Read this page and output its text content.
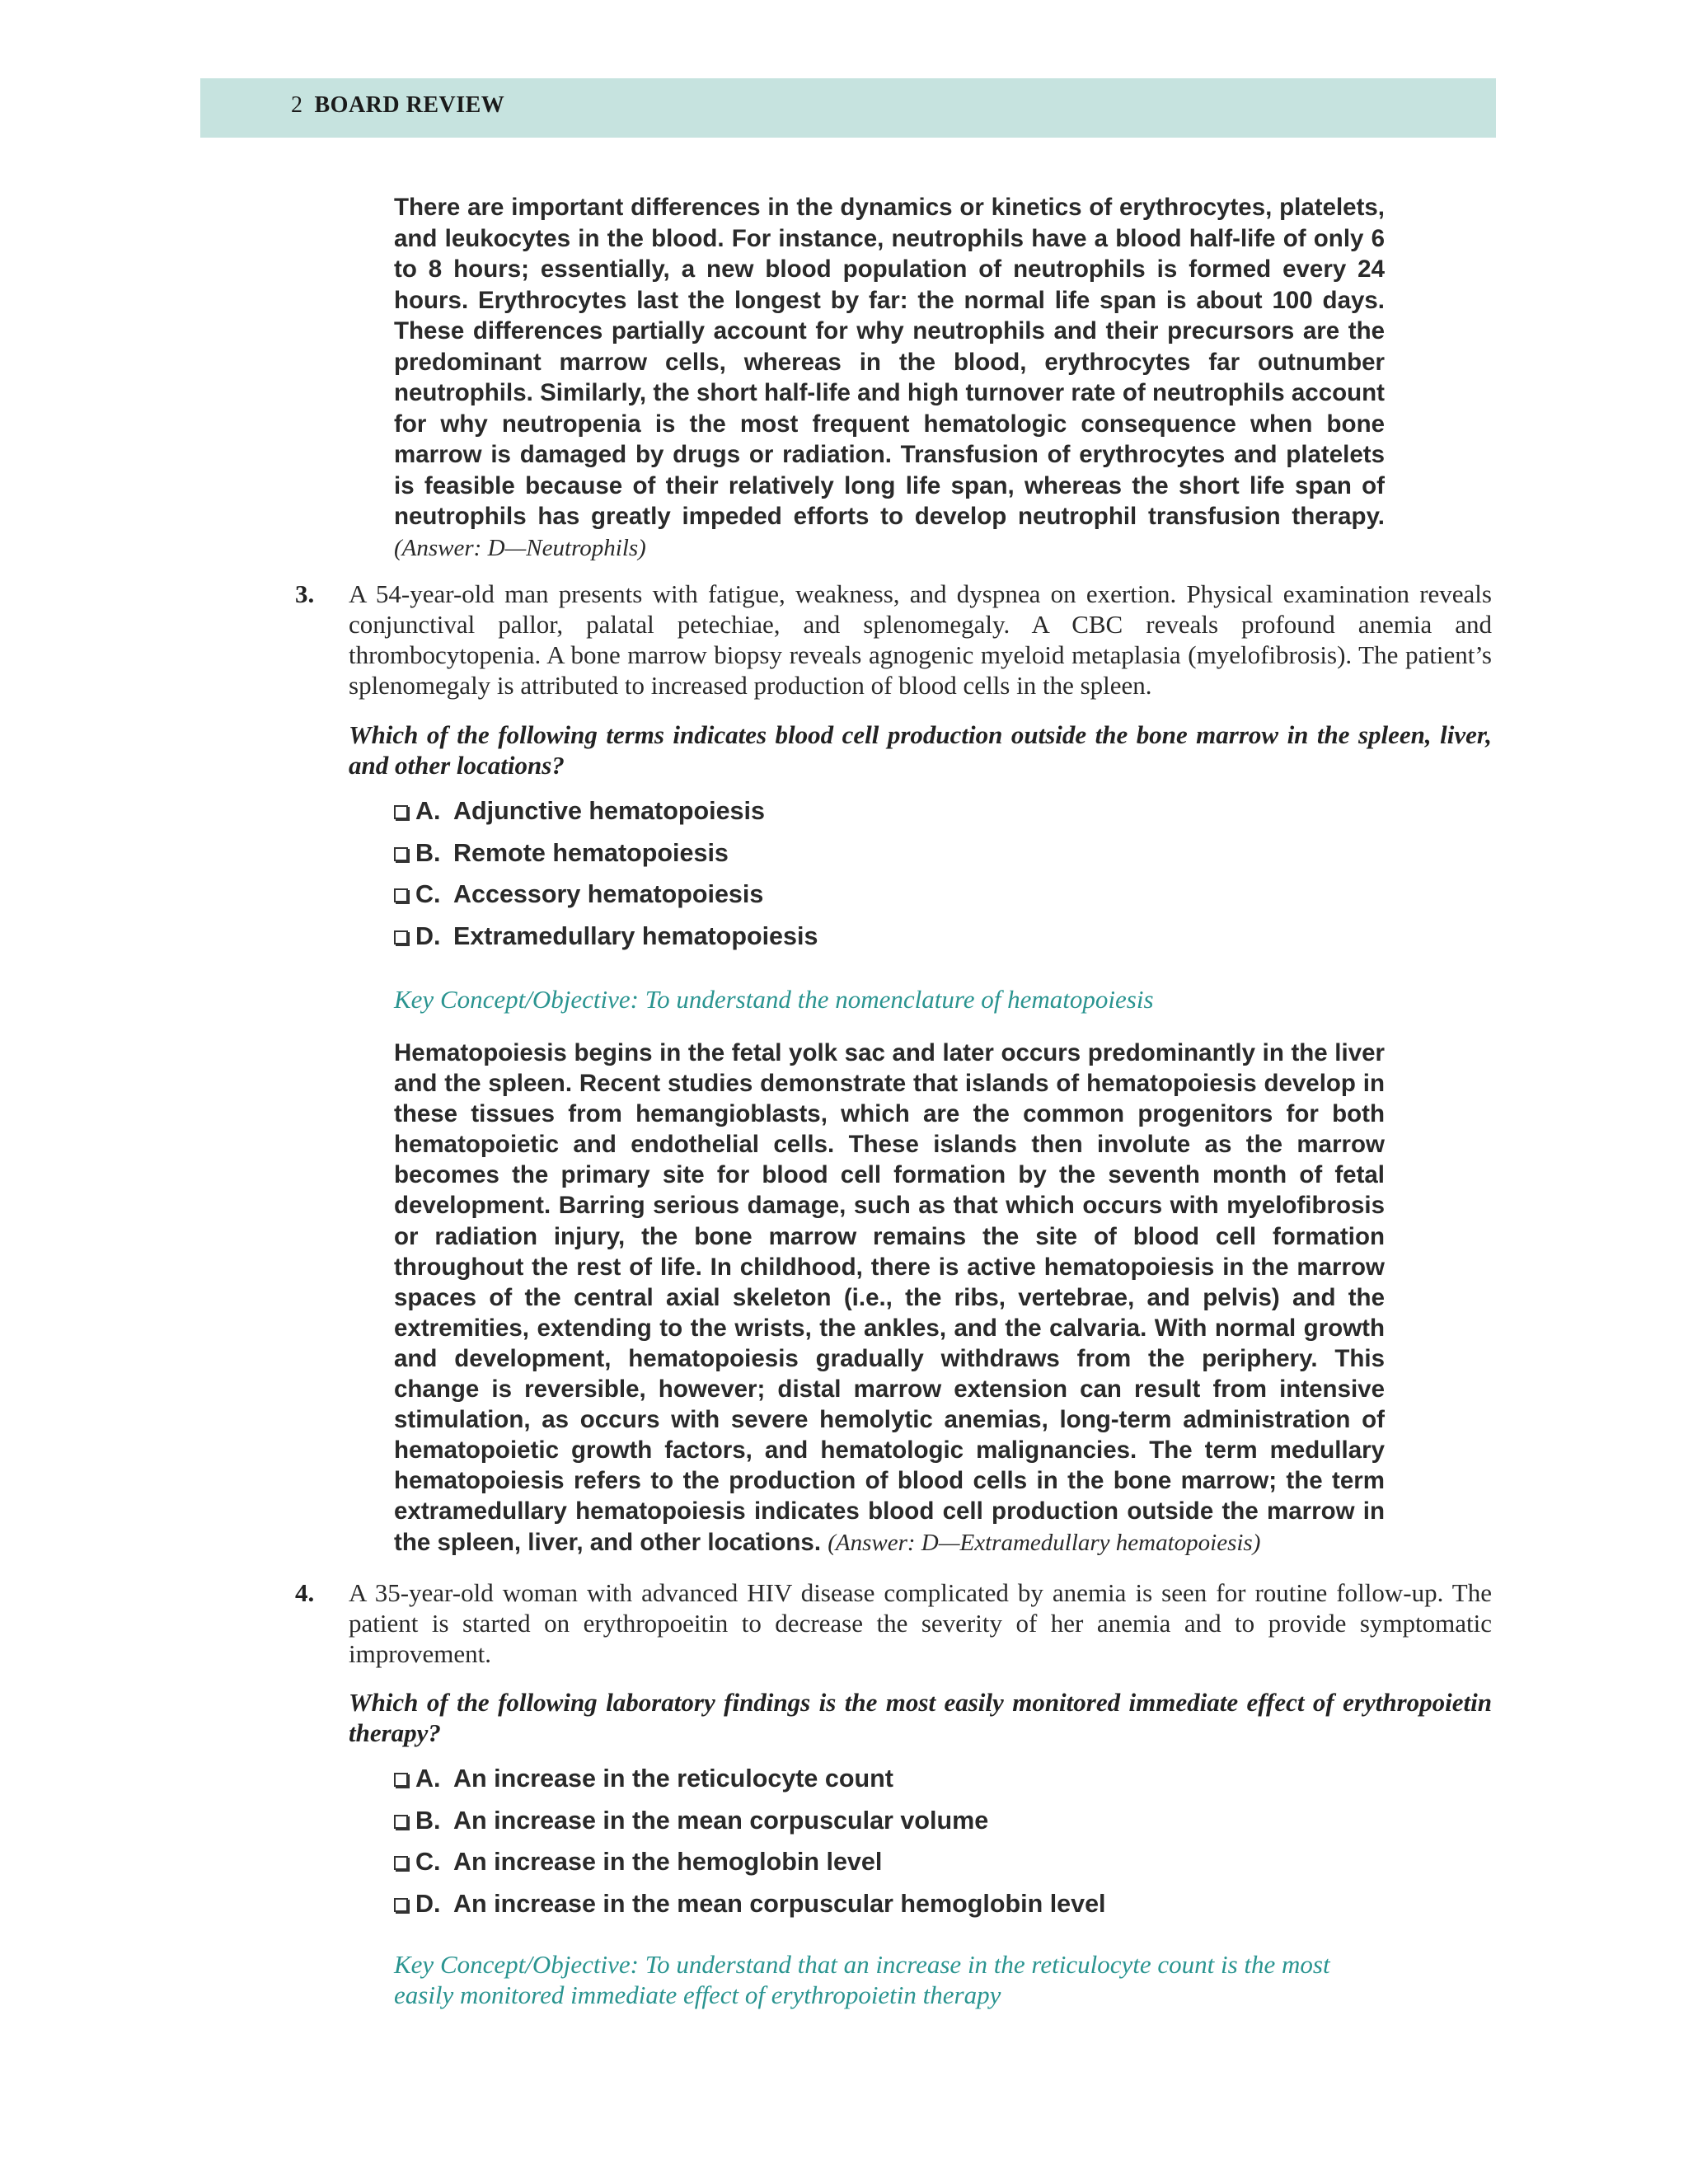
2 BOARD REVIEW
There are important differences in the dynamics or kinetics of erythrocytes, platelets, and leukocytes in the blood. For instance, neutrophils have a blood half-life of only 6 to 8 hours; essentially, a new blood population of neutrophils is formed every 24 hours. Erythrocytes last the longest by far: the normal life span is about 100 days. These differences partially account for why neutrophils and their precursors are the predominant marrow cells, whereas in the blood, erythrocytes far outnumber neutrophils. Similarly, the short half-life and high turnover rate of neutrophils account for why neutropenia is the most frequent hematologic consequence when bone marrow is damaged by drugs or radiation. Transfusion of erythrocytes and platelets is feasible because of their relatively long life span, whereas the short life span of neutrophils has greatly impeded efforts to develop neutrophil transfusion therapy. (Answer: D—Neutrophils)
3. A 54-year-old man presents with fatigue, weakness, and dyspnea on exertion. Physical examination reveals conjunctival pallor, palatal petechiae, and splenomegaly. A CBC reveals profound anemia and thrombocytopenia. A bone marrow biopsy reveals agnogenic myeloid metaplasia (myelofibrosis). The patient’s splenomegaly is attributed to increased production of blood cells in the spleen.
Which of the following terms indicates blood cell production outside the bone marrow in the spleen, liver, and other locations?
A. Adjunctive hematopoiesis
B. Remote hematopoiesis
C. Accessory hematopoiesis
D. Extramedullary hematopoiesis
Key Concept/Objective: To understand the nomenclature of hematopoiesis
Hematopoiesis begins in the fetal yolk sac and later occurs predominantly in the liver and the spleen. Recent studies demonstrate that islands of hematopoiesis develop in these tissues from hemangioblasts, which are the common progenitors for both hematopoietic and endothelial cells. These islands then involute as the marrow becomes the primary site for blood cell formation by the seventh month of fetal development. Barring serious damage, such as that which occurs with myelofibrosis or radiation injury, the bone marrow remains the site of blood cell formation throughout the rest of life. In childhood, there is active hematopoiesis in the marrow spaces of the central axial skeleton (i.e., the ribs, vertebrae, and pelvis) and the extremities, extending to the wrists, the ankles, and the calvaria. With normal growth and development, hematopoiesis gradually withdraws from the periphery. This change is reversible, however; distal marrow extension can result from intensive stimulation, as occurs with severe hemolytic anemias, long-term administration of hematopoietic growth factors, and hematologic malignancies. The term medullary hematopoiesis refers to the production of blood cells in the bone marrow; the term extramedullary hematopoiesis indicates blood cell production outside the marrow in the spleen, liver, and other locations. (Answer: D—Extramedullary hematopoiesis)
4. A 35-year-old woman with advanced HIV disease complicated by anemia is seen for routine follow-up. The patient is started on erythropoeitin to decrease the severity of her anemia and to provide symptomatic improvement.
Which of the following laboratory findings is the most easily monitored immediate effect of erythropoietin therapy?
A. An increase in the reticulocyte count
B. An increase in the mean corpuscular volume
C. An increase in the hemoglobin level
D. An increase in the mean corpuscular hemoglobin level
Key Concept/Objective: To understand that an increase in the reticulocyte count is the most easily monitored immediate effect of erythropoietin therapy
